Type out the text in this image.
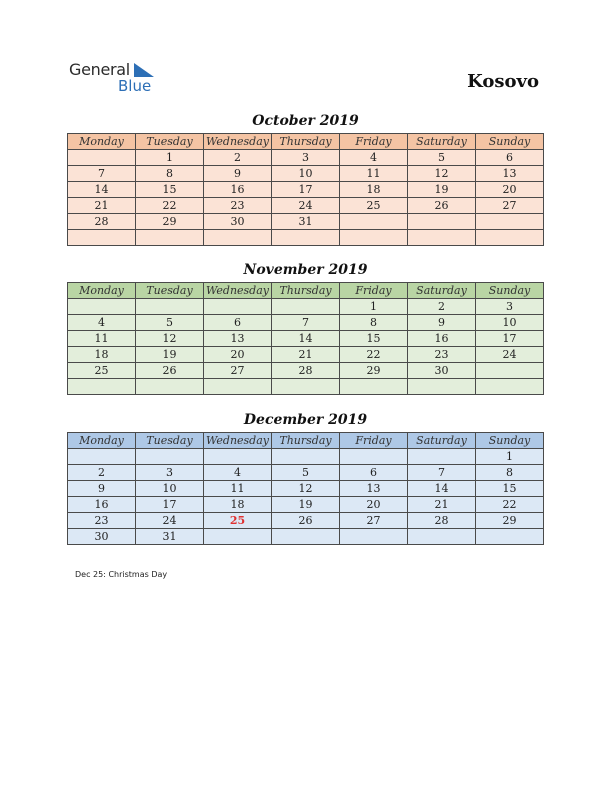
General
Blue	Kosovo
October 2019
Monday	Tuesday	Wednesday	Thursday	Friday	Saturday	Sunday
	1	2	3	4	5	6
7	8	9	10	11	12	13
14	15	16	17	18	19	20
21	22	23	24	25	26	27
28	29	30	31			

November 2019
Monday	Tuesday	Wednesday	Thursday	Friday	Saturday	Sunday
				1	2	3
4	5	6	7	8	9	10
11	12	13	14	15	16	17
18	19	20	21	22	23	24
25	26	27	28	29	30	

December 2019
Monday	Tuesday	Wednesday	Thursday	Friday	Saturday	Sunday
						1
2	3	4	5	6	7	8
9	10	11	12	13	14	15
16	17	18	19	20	21	22
23	24	25	26	27	28	29
30	31					
Dec 25: Christmas Day
